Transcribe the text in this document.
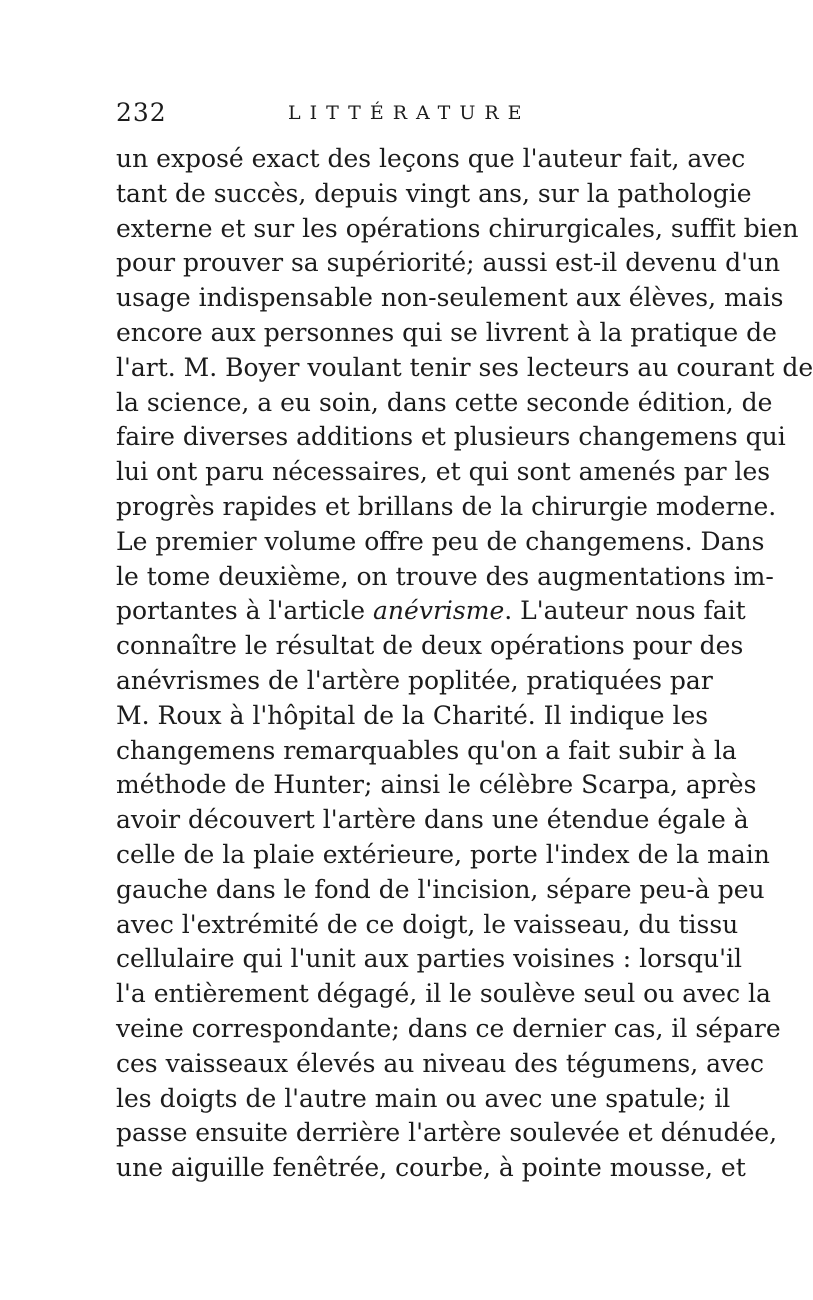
232	LITTÉRATURE
un exposé exact des leçons que l'auteur fait, avec
tant de succès, depuis vingt ans, sur la pathologie
externe et sur les opérations chirurgicales, suffit bien
pour prouver sa supériorité; aussi est-il devenu d'un
usage indispensable non-seulement aux élèves, mais
encore aux personnes qui se livrent à la pratique de
l'art. M. Boyer voulant tenir ses lecteurs au courant de
la science, a eu soin, dans cette seconde édition, de
faire diverses additions et plusieurs changemens qui
lui ont paru nécessaires, et qui sont amenés par les
progrès rapides et brillans de la chirurgie moderne.
Le premier volume offre peu de changemens. Dans
le tome deuxième, on trouve des augmentations im-
portantes à l'article anévrisme. L'auteur nous fait
connaître le résultat de deux opérations pour des
anévrismes de l'artère poplitée, pratiquées par
M. Roux à l'hôpital de la Charité. Il indique les
changemens remarquables qu'on a fait subir à la
méthode de Hunter; ainsi le célèbre Scarpa, après
avoir découvert l'artère dans une étendue égale à
celle de la plaie extérieure, porte l'index de la main
gauche dans le fond de l'incision, sépare peu-à peu
avec l'extrémité de ce doigt, le vaisseau, du tissu
cellulaire qui l'unit aux parties voisines : lorsqu'il
l'a entièrement dégagé, il le soulève seul ou avec la
veine correspondante; dans ce dernier cas, il sépare
ces vaisseaux élevés au niveau des tégumens, avec
les doigts de l'autre main ou avec une spatule; il
passe ensuite derrière l'artère soulevée et dénudée,
une aiguille fenêtrée, courbe, à pointe mousse, et
